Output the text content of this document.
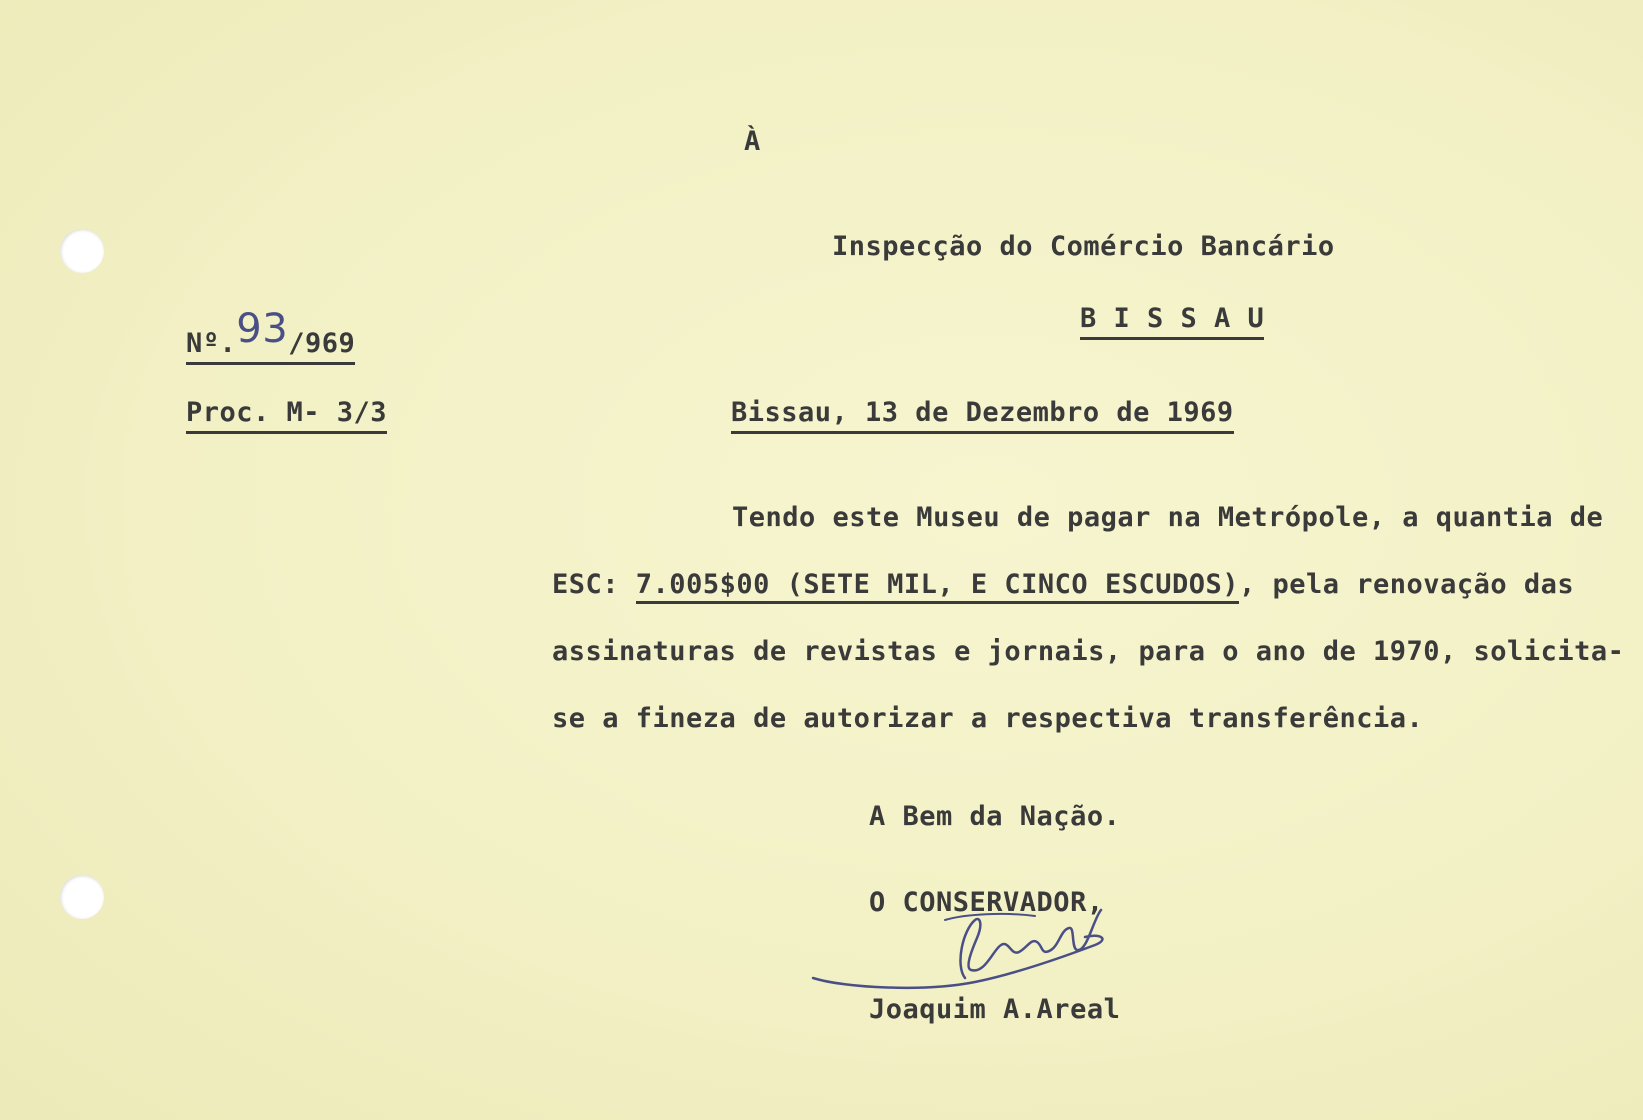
À
Inspecção do Comércio Bancário
B I S S A U
Nº.93/969
Proc. M- 3/3	Bissau, 13 de Dezembro de 1969
Tendo este Museu de pagar na Metrópole, a quantia de
ESC: 7.005$00 (SETE MIL, E CINCO ESCUDOS), pela renovação das
assinaturas de revistas e jornais, para o ano de 1970, solicita-
se a fineza de autorizar a respectiva transferência.
A Bem da Nação.
O CONSERVADOR,
Joaquim A.Areal
